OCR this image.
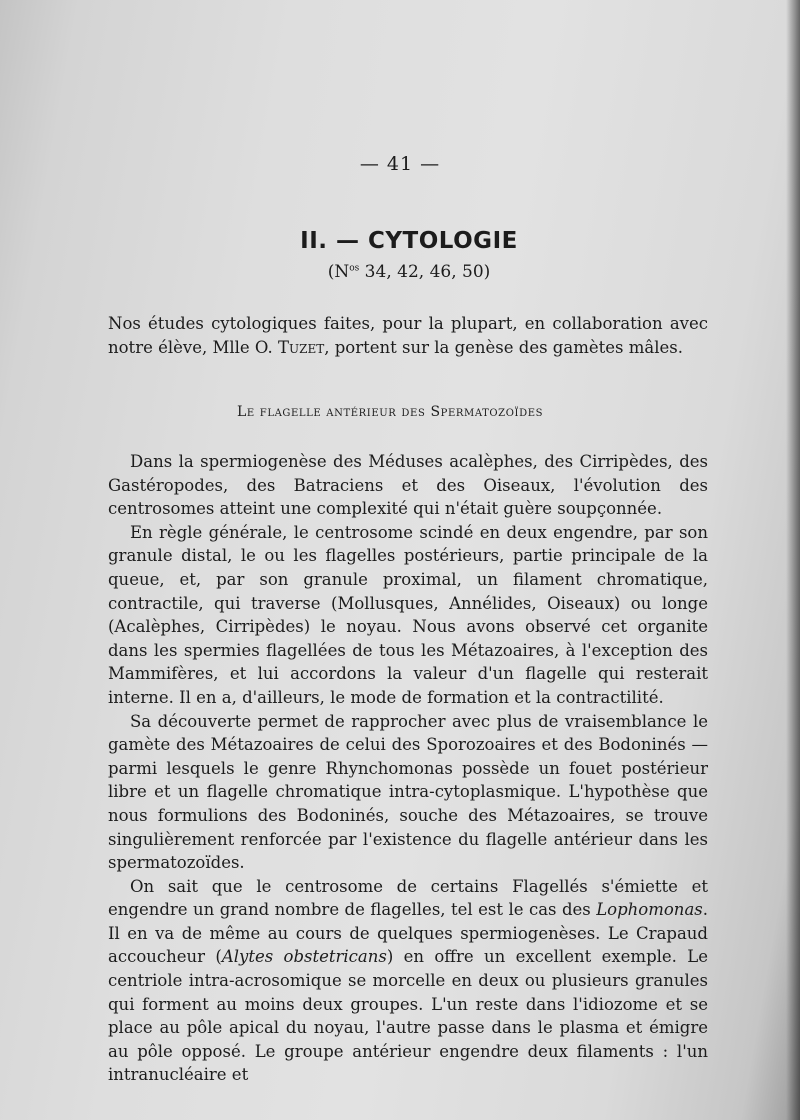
— 41 —
II. — CYTOLOGIE
($N^{os}$ 34, 42, 46, 50)

Nos études cytologiques faites, pour la plupart, en collaboration avec notre élève, Mlle O. Tuzet, portent sur la genèse des gamètes mâles.

Le flagelle antérieur des Spermatozoïdes

Dans la spermiogenèse des Méduses acalèphes, des Cirripèdes, des Gastéropodes, des Batraciens et des Oiseaux, l'évolution des centrosomes atteint une complexité qui n'était guère soupçonnée.

En règle générale, le centrosome scindé en deux engendre, par son granule distal, le ou les flagelles postérieurs, partie principale de la queue, et, par son granule proximal, un filament chromatique, contractile, qui traverse (Mollusques, Annélides, Oiseaux) ou longe (Acalèphes, Cirripèdes) le noyau. Nous avons observé cet organite dans les spermies flagellées de tous les Métazoaires, à l'exception des Mammifères, et lui accordons la valeur d'un flagelle qui resterait interne. Il en a, d'ailleurs, le mode de formation et la contractilité.

Sa découverte permet de rapprocher avec plus de vraisemblance le gamète des Métazoaires de celui des Sporozoaires et des Bodoninés — parmi lesquels le genre Rhynchomonas possède un fouet postérieur libre et un flagelle chromatique intra-cytoplasmique. L'hypothèse que nous formulions des Bodoninés, souche des Métazoaires, se trouve singulièrement renforcée par l'existence du flagelle antérieur dans les spermatozoïdes.

On sait que le centrosome de certains Flagellés s'émiette et engendre un grand nombre de flagelles, tel est le cas des Lophomonas. Il en va de même au cours de quelques spermiogenèses. Le Crapaud accoucheur (Alytes obstetricans) en offre un excellent exemple. Le centriole intra-acrosomique se morcelle en deux ou plusieurs granules qui forment au moins deux groupes. L'un reste dans l'idiozome et se place au pôle apical du noyau, l'autre passe dans le plasma et émigre au pôle opposé. Le groupe antérieur engendre deux filaments : l'un intranucléaire et
